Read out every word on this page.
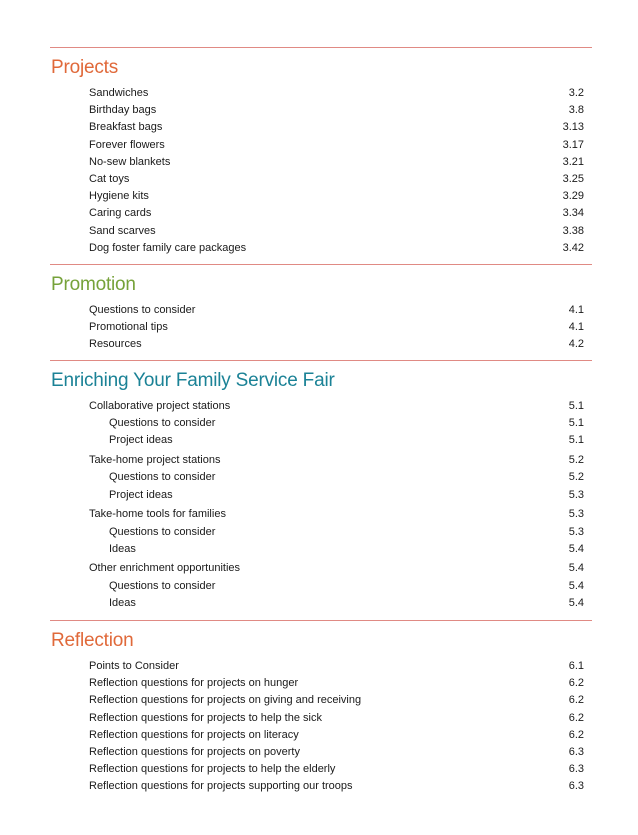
Projects
Sandwiches	3.2
Birthday bags	3.8
Breakfast bags	3.13
Forever flowers	3.17
No-sew blankets	3.21
Cat toys	3.25
Hygiene kits	3.29
Caring cards	3.34
Sand scarves	3.38
Dog foster family care packages	3.42
Promotion
Questions to consider	4.1
Promotional tips	4.1
Resources	4.2
Enriching Your Family Service Fair
Collaborative project stations	5.1
Questions to consider	5.1
Project ideas	5.1
Take-home project stations	5.2
Questions to consider	5.2
Project ideas	5.3
Take-home tools for families	5.3
Questions to consider	5.3
Ideas	5.4
Other enrichment opportunities	5.4
Questions to consider	5.4
Ideas	5.4
Reflection
Points to Consider	6.1
Reflection questions for projects on hunger	6.2
Reflection questions for projects on giving and receiving	6.2
Reflection questions for projects to help the sick	6.2
Reflection questions for projects on literacy	6.2
Reflection questions for projects on poverty	6.3
Reflection questions for projects to help the elderly	6.3
Reflection questions for projects supporting our troops	6.3
